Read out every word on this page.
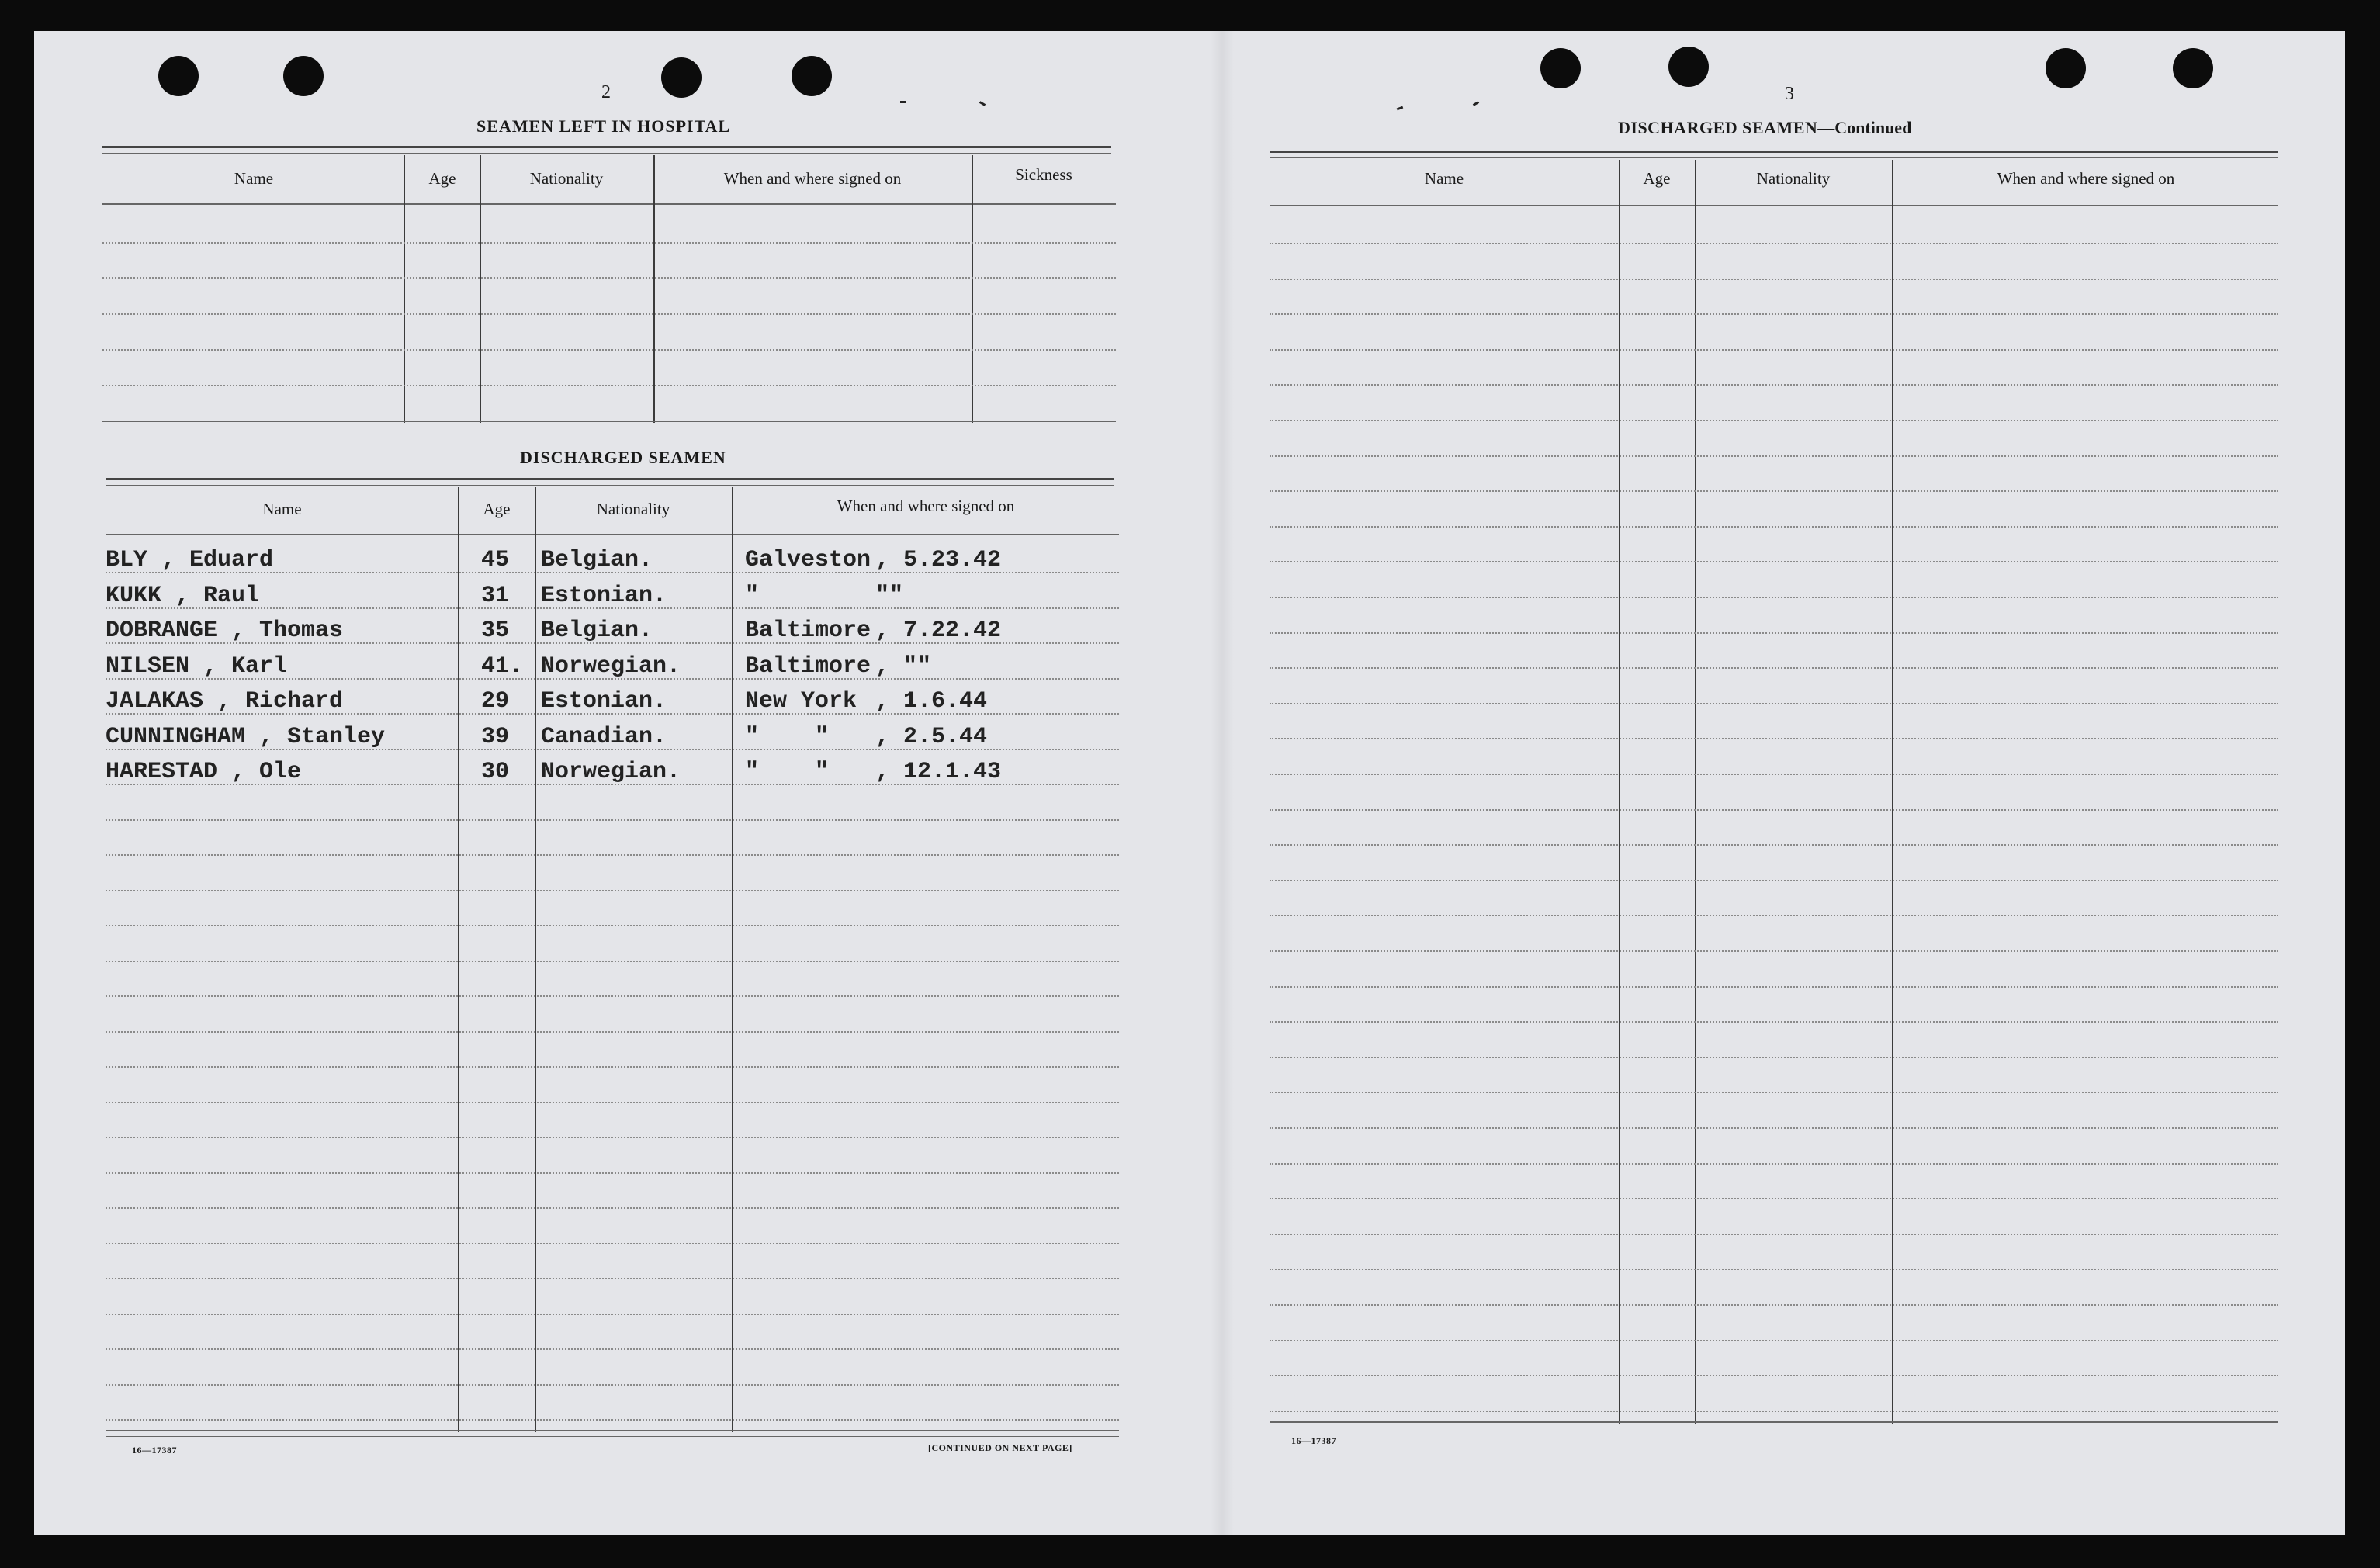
2
SEAMEN LEFT IN HOSPITAL
Name	Age	Nationality	When and where signed on	Sickness
DISCHARGED SEAMEN
Name	Age	Nationality	When and where signed on
BLY , Eduard	45 Belgian.	Galveston , 5.23.42
KUKK , Raul	31 Estonian.	"	""
DOBRANGE , Thomas	35 Belgian.	Baltimore , 7.22.42
NILSEN , Karl	41. Norwegian.	Baltimore , ""
JALAKAS , Richard	29 Estonian.	New York , 1.6.44
CUNNINGHAM , Stanley	39 Canadian.	"    " , 2.5.44
HARESTAD , Ole	30 Norwegian.	"    " , 12.1.43
16—17387	[CONTINUED ON NEXT PAGE]
3
DISCHARGED SEAMEN—Continued
Name	Age	Nationality	When and where signed on
16—17387
